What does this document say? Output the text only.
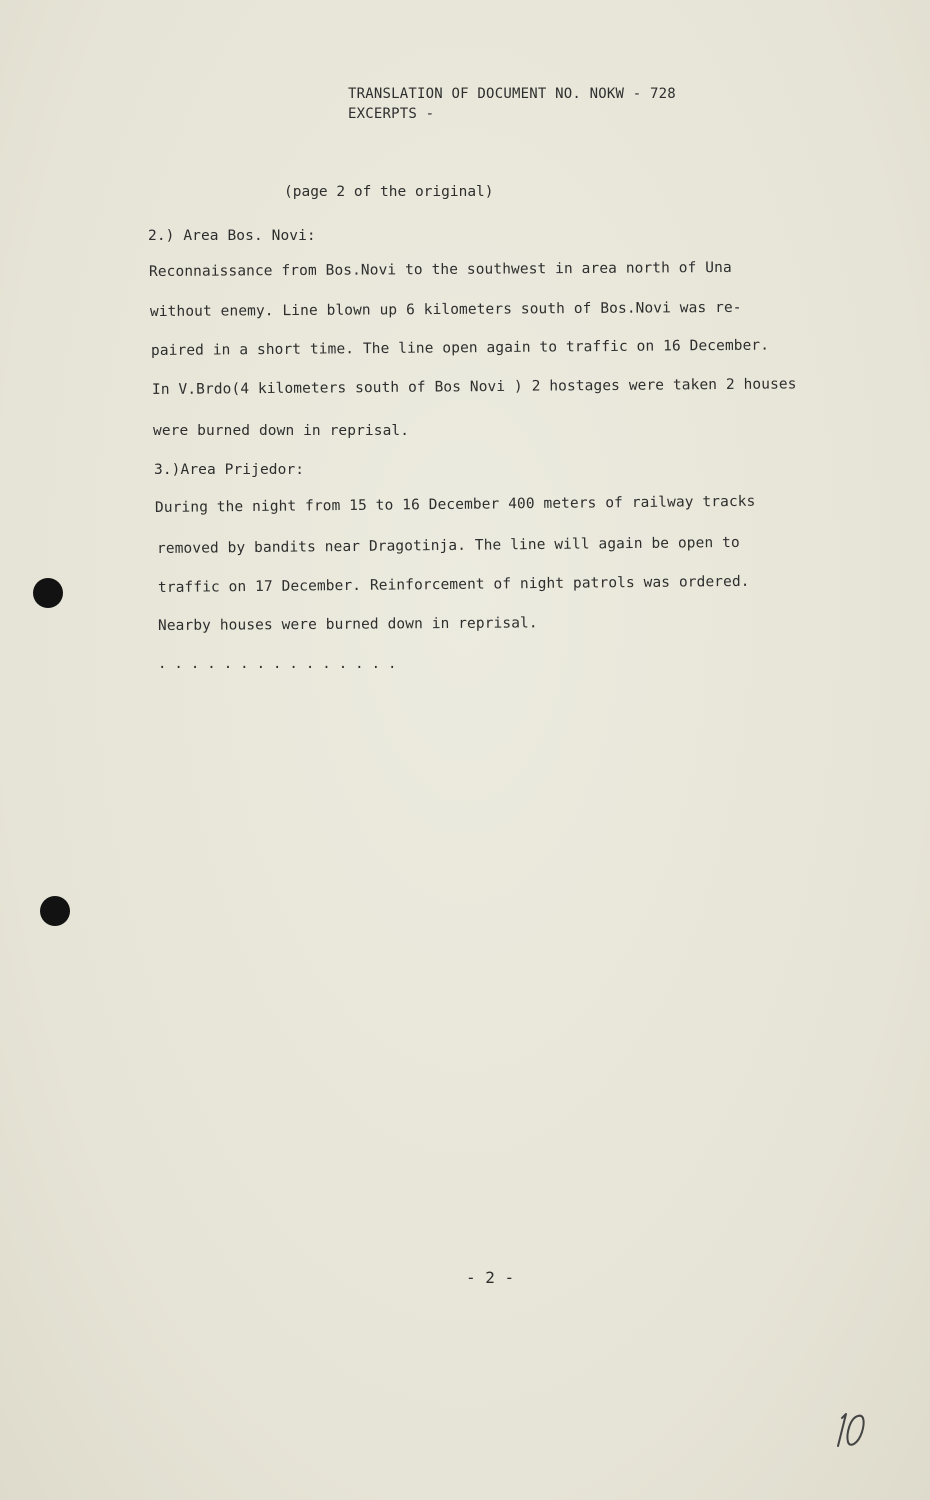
TRANSLATION OF DOCUMENT NO. NOKW - 728
EXCERPTS -
(page 2 of the original)
2.) Area Bos. Novi:
Reconnaissance from Bos.Novi to the southwest in area north of Una
without enemy. Line blown up 6 kilometers south of Bos.Novi was re-
paired in a short time. The line open again to traffic on 16 December.
In V.Brdo(4 kilometers south of Bos Novi ) 2 hostages were taken 2 houses
were burned down in reprisal.
3.)Area Prijedor:
During the night from 15 to 16 December 400 meters of railway tracks
removed by bandits near Dragotinja. The line will again be open to
traffic on 17 December. Reinforcement of night patrols was ordered.
Nearby houses were burned down in reprisal.
...............
- 2 -
